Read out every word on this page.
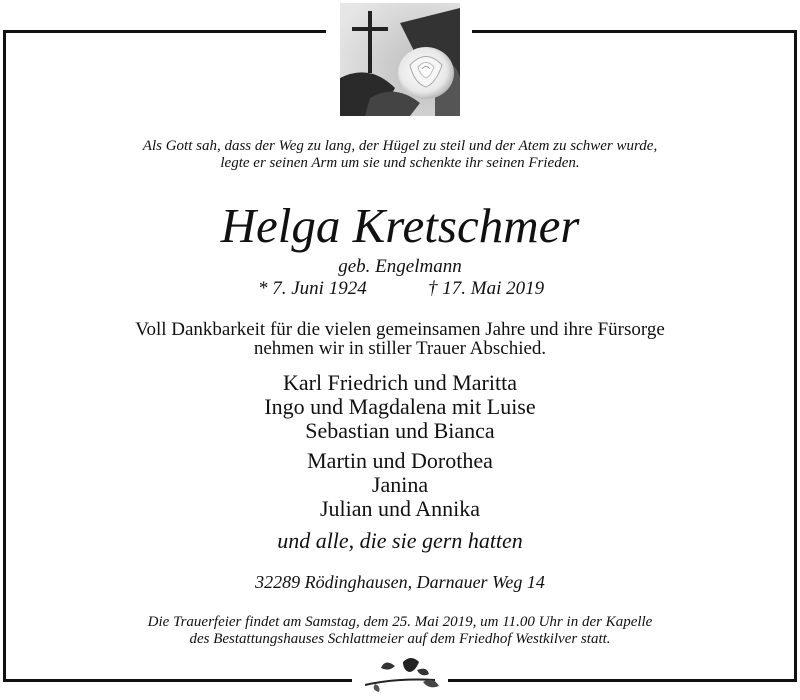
Als Gott sah, dass der Weg zu lang, der Hügel zu steil und der Atem zu schwer wurde,
legte er seinen Arm um sie und schenkte ihr seinen Frieden.
Helga Kretschmer
geb. Engelmann
* 7. Juni 1924	† 17. Mai 2019
Voll Dankbarkeit für die vielen gemeinsamen Jahre und ihre Fürsorge
nehmen wir in stiller Trauer Abschied.
Karl Friedrich und Maritta
Ingo und Magdalena mit Luise
Sebastian und Bianca
Martin und Dorothea
Janina
Julian und Annika
und alle, die sie gern hatten
32289 Rödinghausen, Darnauer Weg 14
Die Trauerfeier findet am Samstag, dem 25. Mai 2019, um 11.00 Uhr in der Kapelle
des Bestattungshauses Schlattmeier auf dem Friedhof Westkilver statt.
